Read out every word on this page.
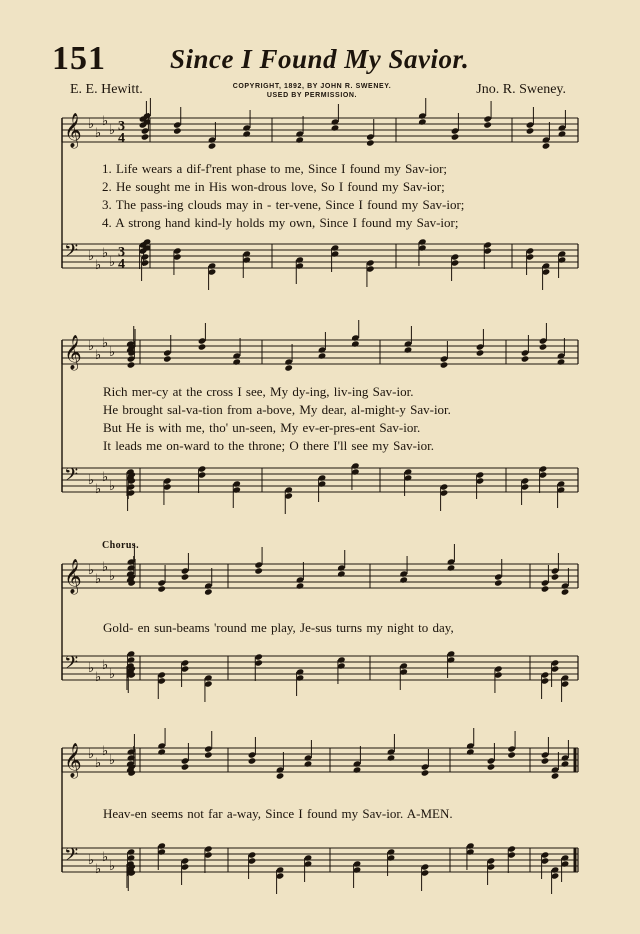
151 Since I Found My Savior.
E. E. Hewitt.	COPYRIGHT, 1892, BY JOHN R. SWENEY.
USED BY PERMISSION.	Jno. R. Sweney.
𝄞 ♭
♭
♭
♭ 3
4
𝄢 ♭
♭
♭
♭
3
4
𝄞 ♭
♭
♭
♭
𝄢 ♭
♭
♭
♭
𝄞 ♭
♭
♭
♭
𝄢 ♭
♭
♭
♭
𝄞 ♭
♭
♭
♭
𝄢 ♭
♭
♭
♭
1. Life wears a dif-f'rent phase to me, Since I found my Sav-ior;
2. He sought me in His won-drous love, So I found my Sav-ior;
3. The pass-ing clouds may in - ter-vene, Since I found my Sav-ior;
4. A strong hand kind-ly holds my own, Since I found my Sav-ior;
Rich mer-cy at the cross I see, My dy-ing, liv-ing Sav-ior.
He brought sal-va-tion from a-bove, My dear, al-might-y Sav-ior.
But He is with me, tho' un-seen, My ev-er-pres-ent Sav-ior.
It leads me on-ward to the throne; O there I'll see my Sav-ior.
Chorus.
Gold- en sun-beams 'round me play, Je-sus turns my night to day,
Heav-en seems not far a-way, Since I found my Sav-ior. A-MEN.
